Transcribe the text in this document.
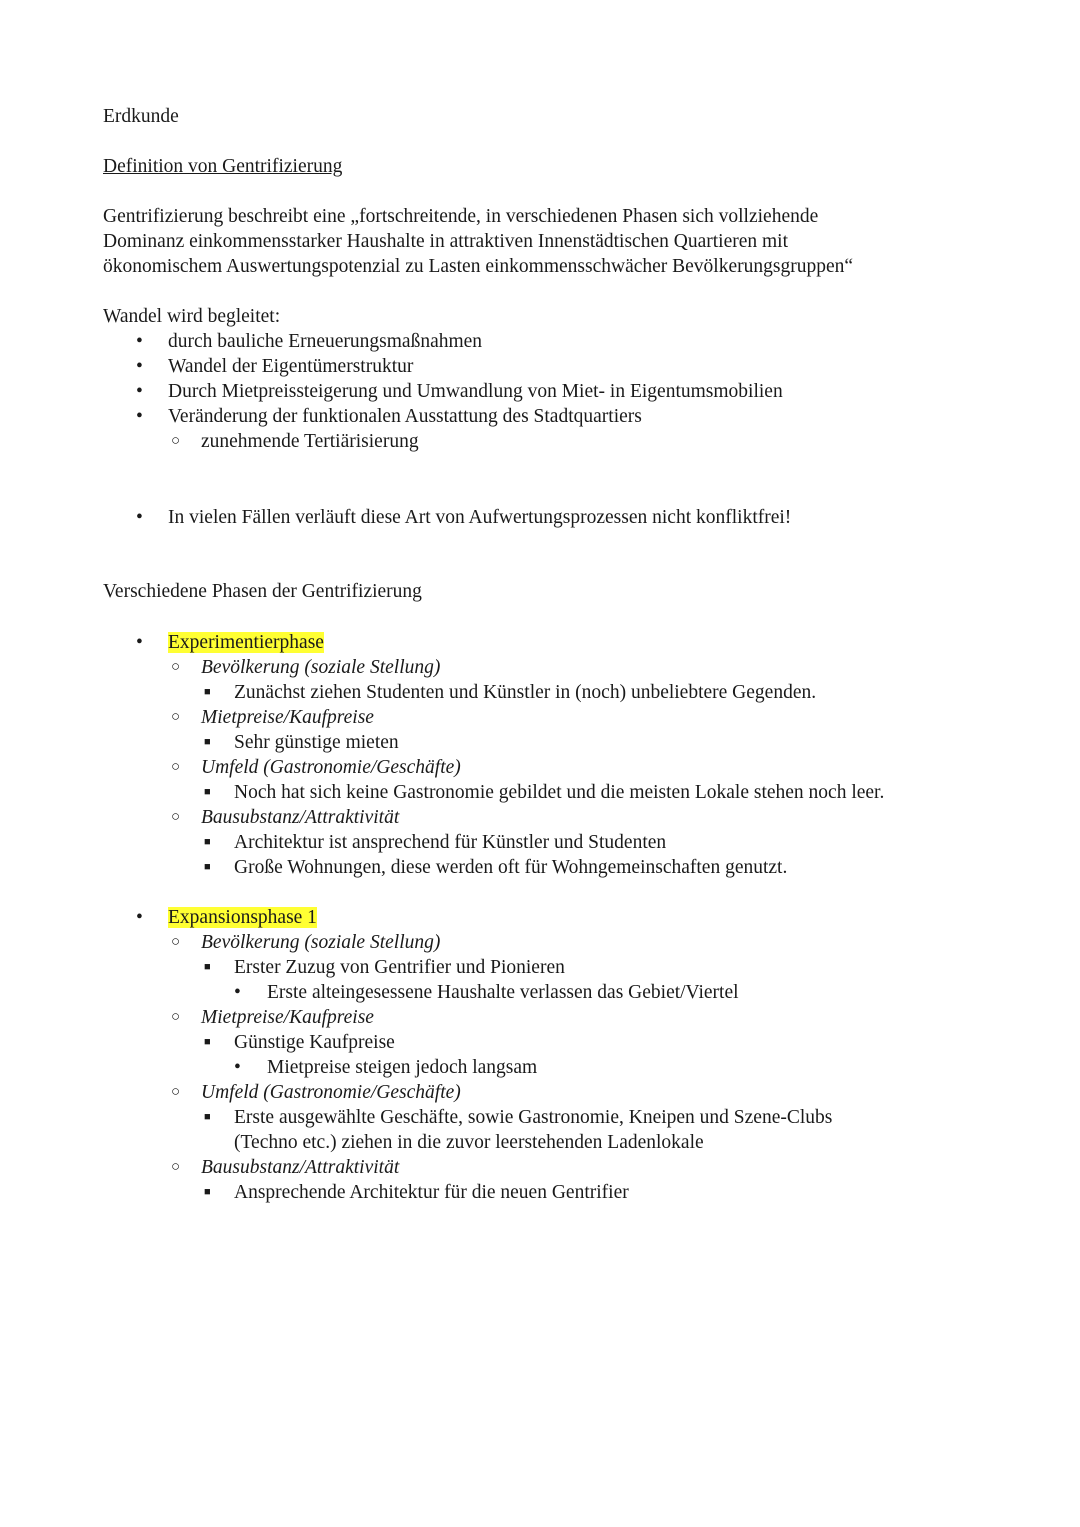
Erdkunde
Definition von Gentrifizierung
Gentrifizierung beschreibt eine „fortschreitende, in verschiedenen Phasen sich vollziehende
Dominanz einkommensstarker Haushalte in attraktiven Innenstädtischen Quartieren mit
ökonomischem Auswertungspotenzial zu Lasten einkommensschwächer Bevölkerungsgruppen“
Wandel wird begleitet:
• durch bauliche Erneuerungsmaßnahmen
• Wandel der Eigentümerstruktur
• Durch Mietpreissteigerung und Umwandlung von Miet- in Eigentumsmobilien
• Veränderung der funktionalen Ausstattung des Stadtquartiers
○ zunehmende Tertiärisierung
• In vielen Fällen verläuft diese Art von Aufwertungsprozessen nicht konfliktfrei!
Verschiedene Phasen der Gentrifizierung
• Experimentierphase
○ Bevölkerung (soziale Stellung)
■ Zunächst ziehen Studenten und Künstler in (noch) unbeliebtere Gegenden.
○ Mietpreise/Kaufpreise
■ Sehr günstige mieten
○ Umfeld (Gastronomie/Geschäfte)
■ Noch hat sich keine Gastronomie gebildet und die meisten Lokale stehen noch leer.
○ Bausubstanz/Attraktivität
■ Architektur ist ansprechend für Künstler und Studenten
■ Große Wohnungen, diese werden oft für Wohngemeinschaften genutzt.
• Expansionsphase 1
○ Bevölkerung (soziale Stellung)
■ Erster Zuzug von Gentrifier und Pionieren
• Erste alteingesessene Haushalte verlassen das Gebiet/Viertel
○ Mietpreise/Kaufpreise
■ Günstige Kaufpreise
• Mietpreise steigen jedoch langsam
○ Umfeld (Gastronomie/Geschäfte)
■ Erste ausgewählte Geschäfte, sowie Gastronomie, Kneipen und Szene-Clubs
(Techno etc.) ziehen in die zuvor leerstehenden Ladenlokale
○ Bausubstanz/Attraktivität
■ Ansprechende Architektur für die neuen Gentrifier
